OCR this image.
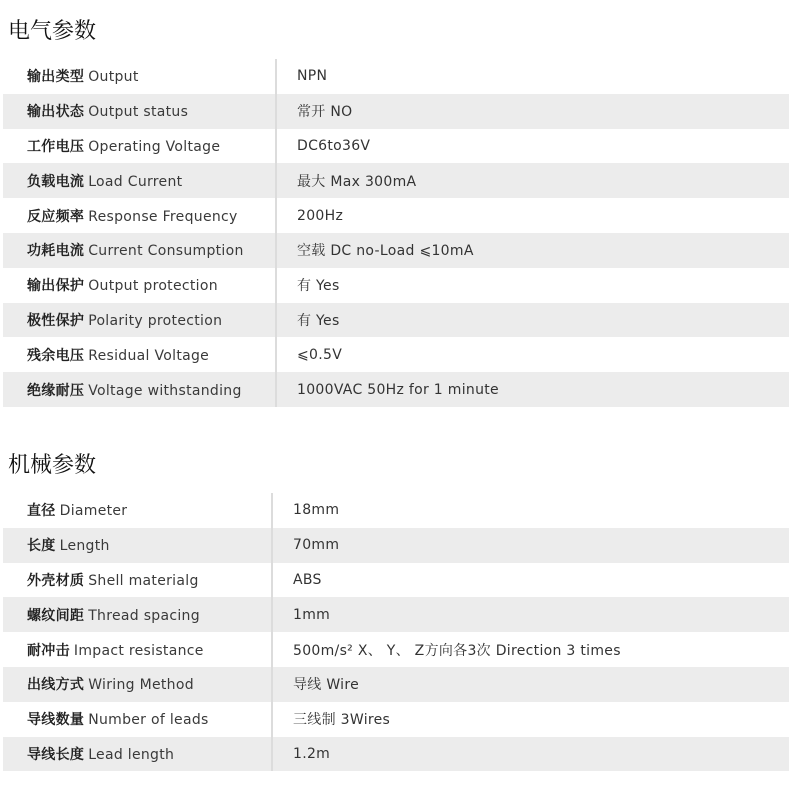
电气参数
输出类型 Output	NPN
输出状态 Output status	常开 NO
工作电压 Operating Voltage	DC6to36V
负载电流 Load Current	最大 Max 300mA
反应频率 Response Frequency	200Hz
功耗电流 Current Consumption	空载 DC no-Load ⩽10mA
输出保护 Output protection	有 Yes
极性保护 Polarity protection	有 Yes
残余电压 Residual Voltage	⩽0.5V
绝缘耐压 Voltage withstanding	1000VAC 50Hz for 1 minute
机械参数
直径 Diameter	18mm
长度 Length	70mm
外壳材质 Shell materialg	ABS
螺纹间距 Thread spacing	1mm
耐冲击 Impact resistance	500m/s² X、 Y、 Z方向各3次 Direction 3 times
出线方式 Wiring Method	导线 Wire
导线数量 Number of leads	三线制 3Wires
导线长度 Lead length	1.2m
